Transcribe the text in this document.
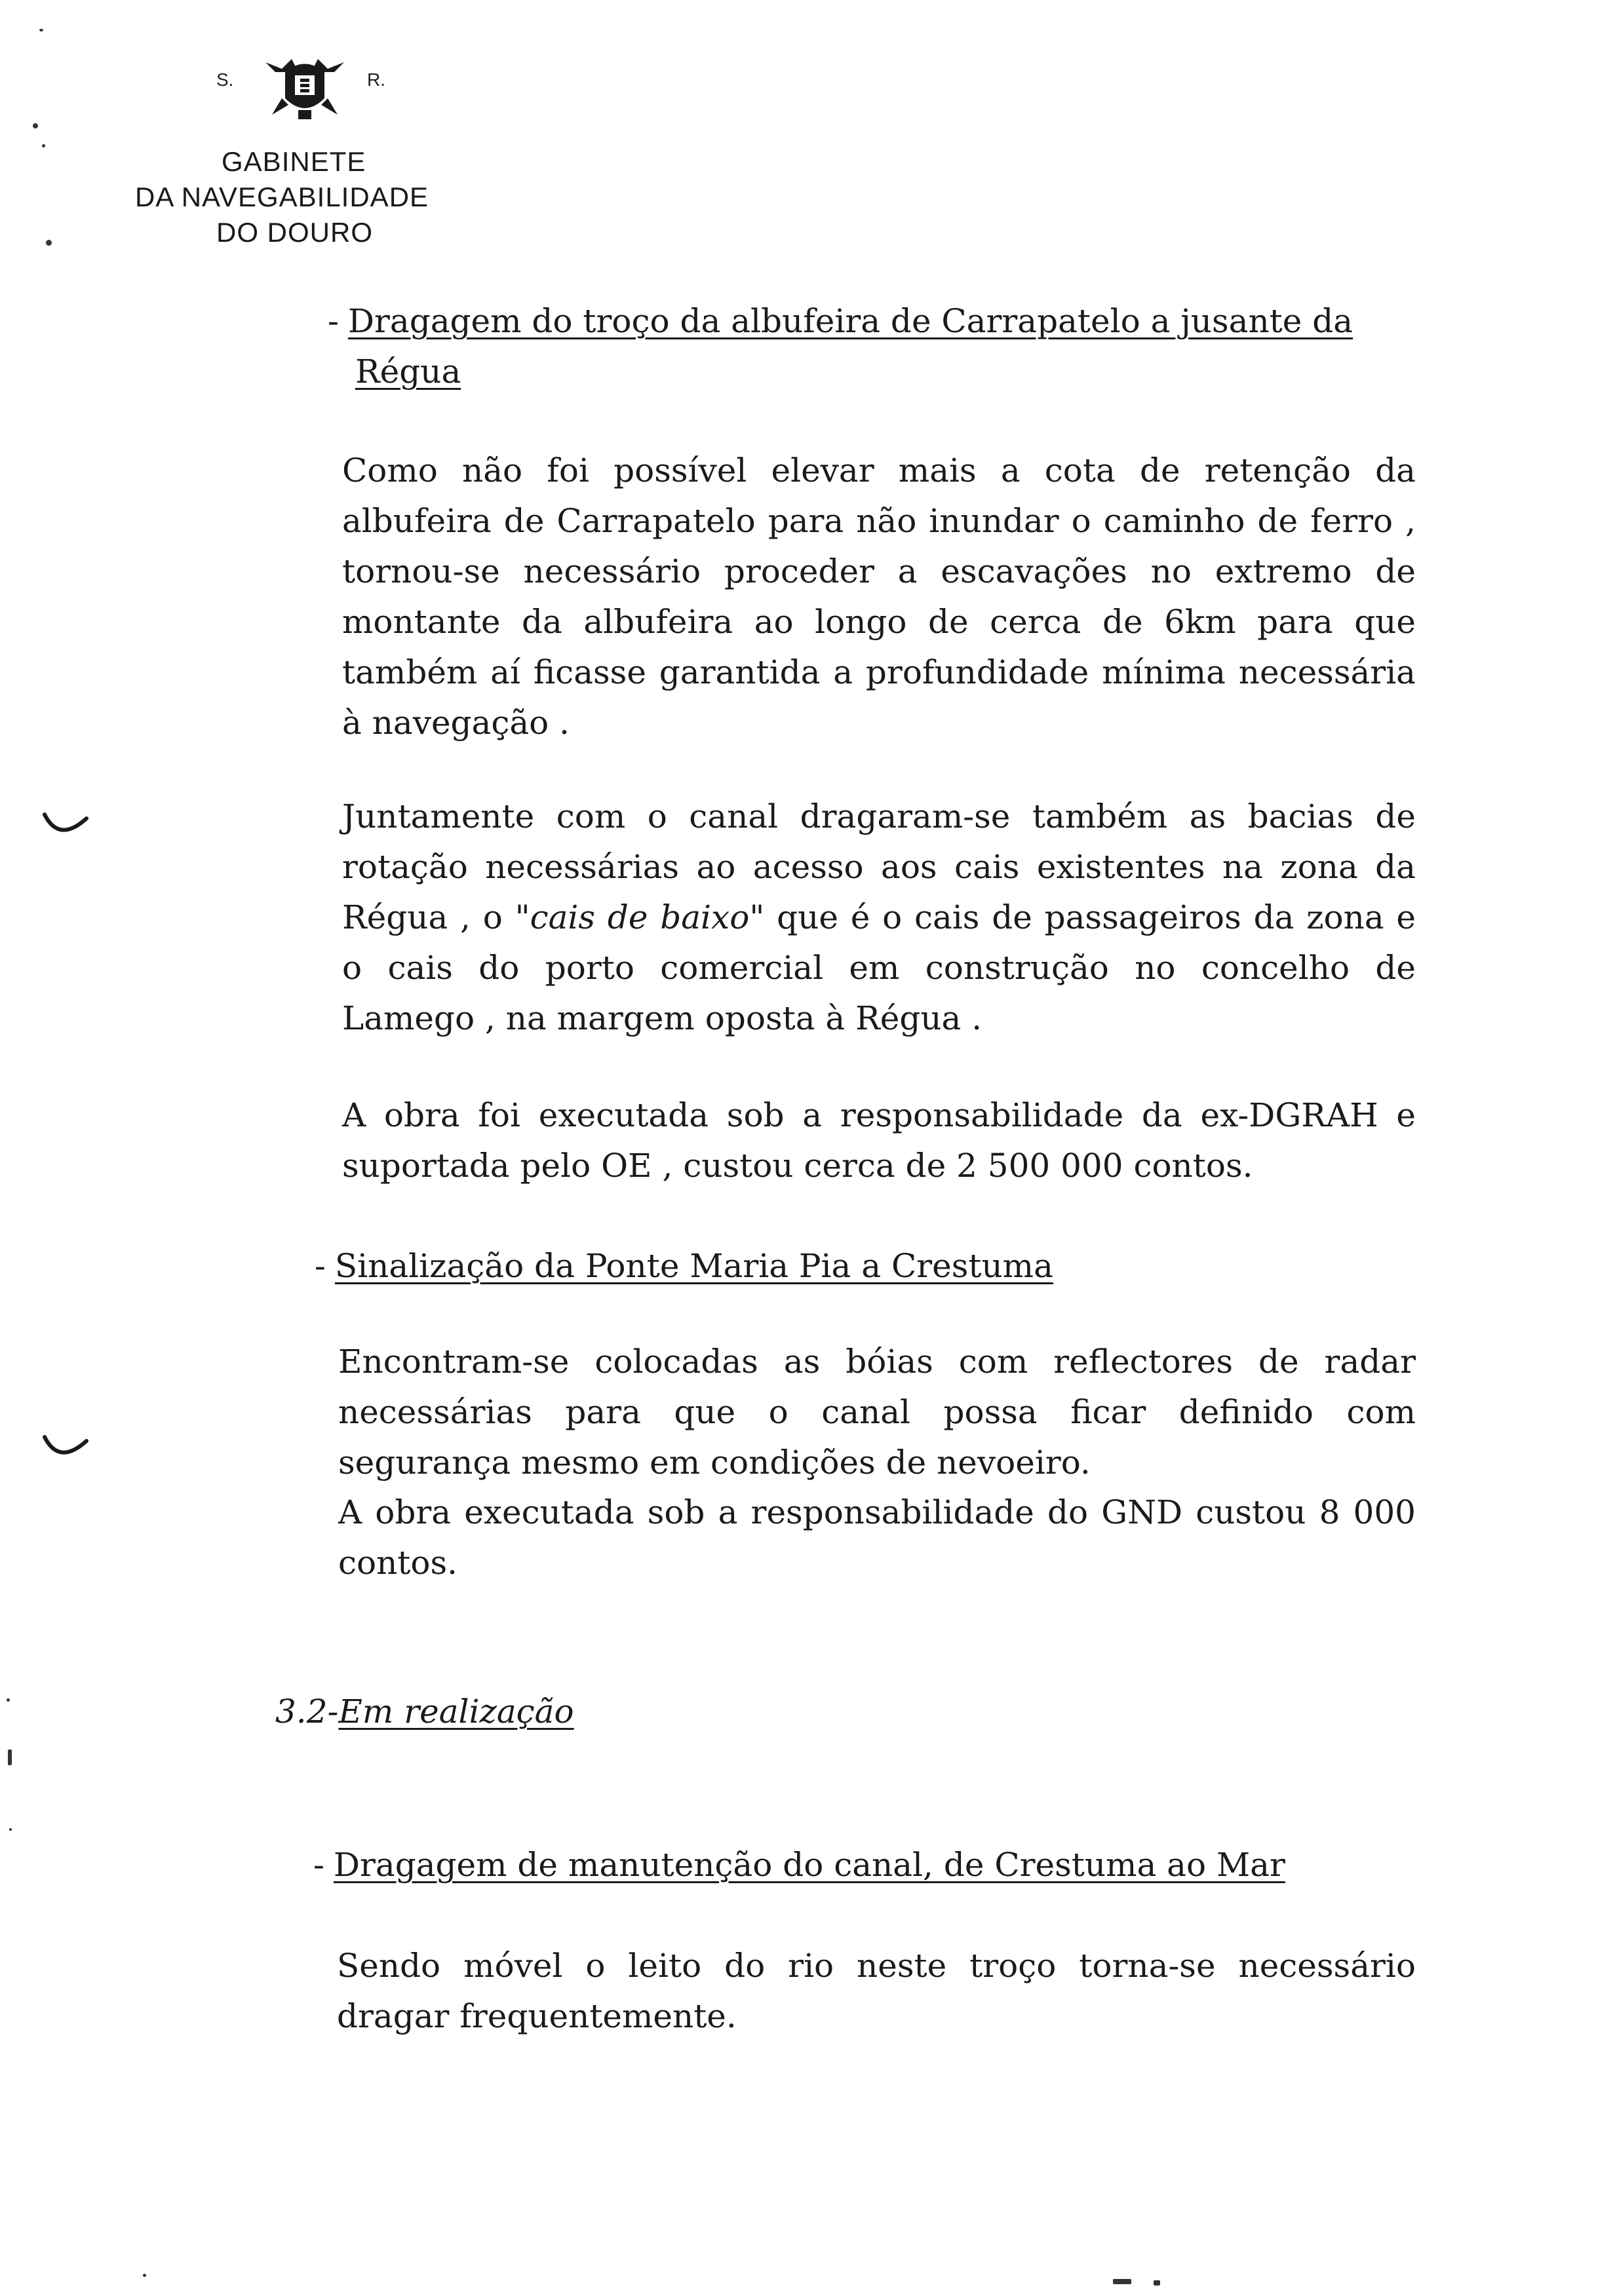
S.	R.
GABINETE
DA NAVEGABILIDADE
DO DOURO
- Dragagem do troço da albufeira de Carrapatelo a jusante da
Régua

Como não foi possível elevar mais a cota de retenção da albufeira de Carrapatelo para não inundar o caminho de ferro , tornou-se necessário proceder a escavações no extremo de montante da albufeira ao longo de cerca de 6km para que também aí ficasse garantida a profundidade mínima necessária à navegação .

Juntamente com o canal dragaram-se também as bacias de rotação necessárias ao acesso aos cais existentes na zona da Régua , o "cais de baixo" que é o cais de passageiros da zona e o cais do porto comercial em construção no concelho de Lamego , na margem oposta à Régua .

A obra foi executada sob a responsabilidade da ex-DGRAH e suportada pelo OE , custou cerca de 2 500 000 contos.

- Sinalização da Ponte Maria Pia a Crestuma

Encontram-se colocadas as bóias com reflectores de radar necessárias para que o canal possa ficar definido com segurança mesmo em condições de nevoeiro.

A obra executada sob a responsabilidade do GND custou 8 000 contos.

3.2-Em realização
- Dragagem de manutenção do canal, de Crestuma ao Mar

Sendo móvel o leito do rio neste troço torna-se necessário dragar frequentemente.
